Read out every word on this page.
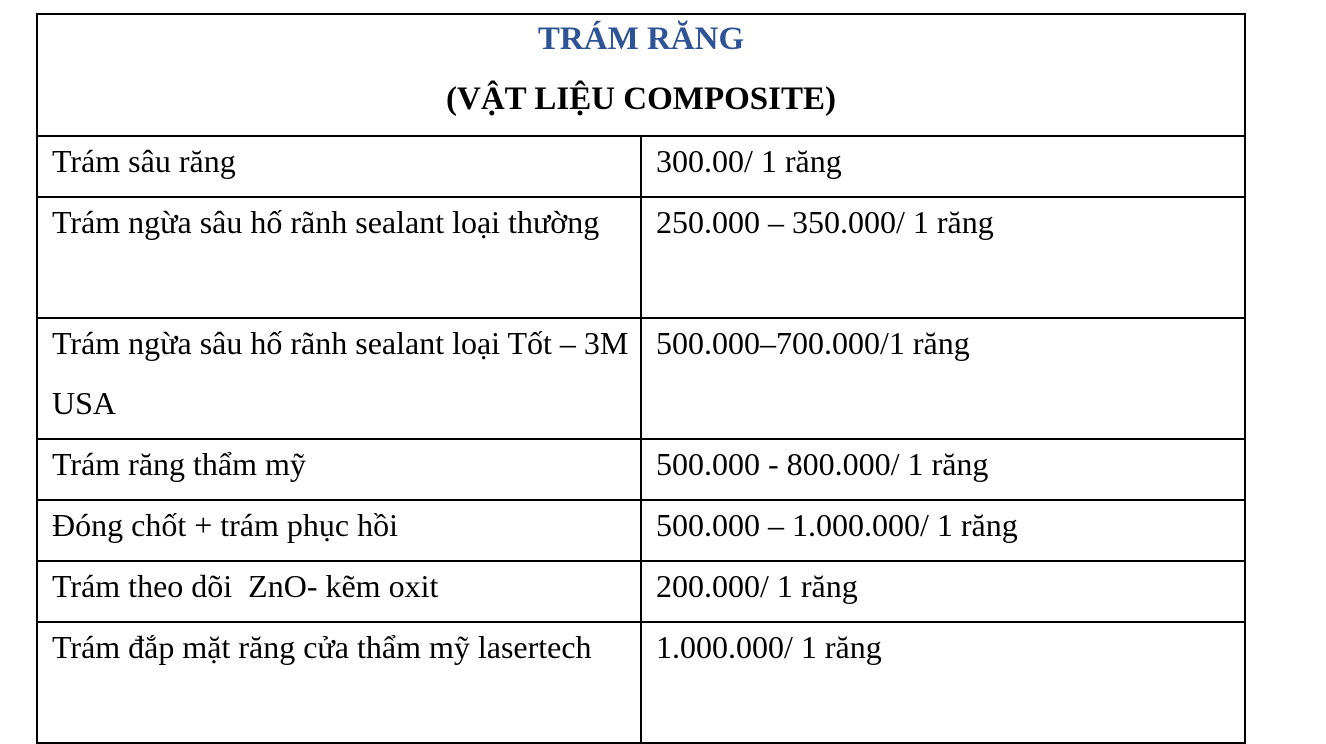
TRÁM RĂNG
(VẬT LIỆU COMPOSITE)	

Trám sâu răng	300.00/ 1 răng

Trám ngừa sâu hố rãnh sealant loại thường	250.000 – 350.000/ 1 răng

Trám ngừa sâu hố rãnh sealant loại Tốt – 3M USA	500.000–700.000/1 răng

Trám răng thẩm mỹ	500.000 - 800.000/ 1 răng

Đóng chốt + trám phục hồi	500.000 – 1.000.000/ 1 răng

Trám theo dõi  ZnO- kẽm oxit	200.000/ 1 răng

Trám đắp mặt răng cửa thẩm mỹ lasertech	1.000.000/ 1 răng
